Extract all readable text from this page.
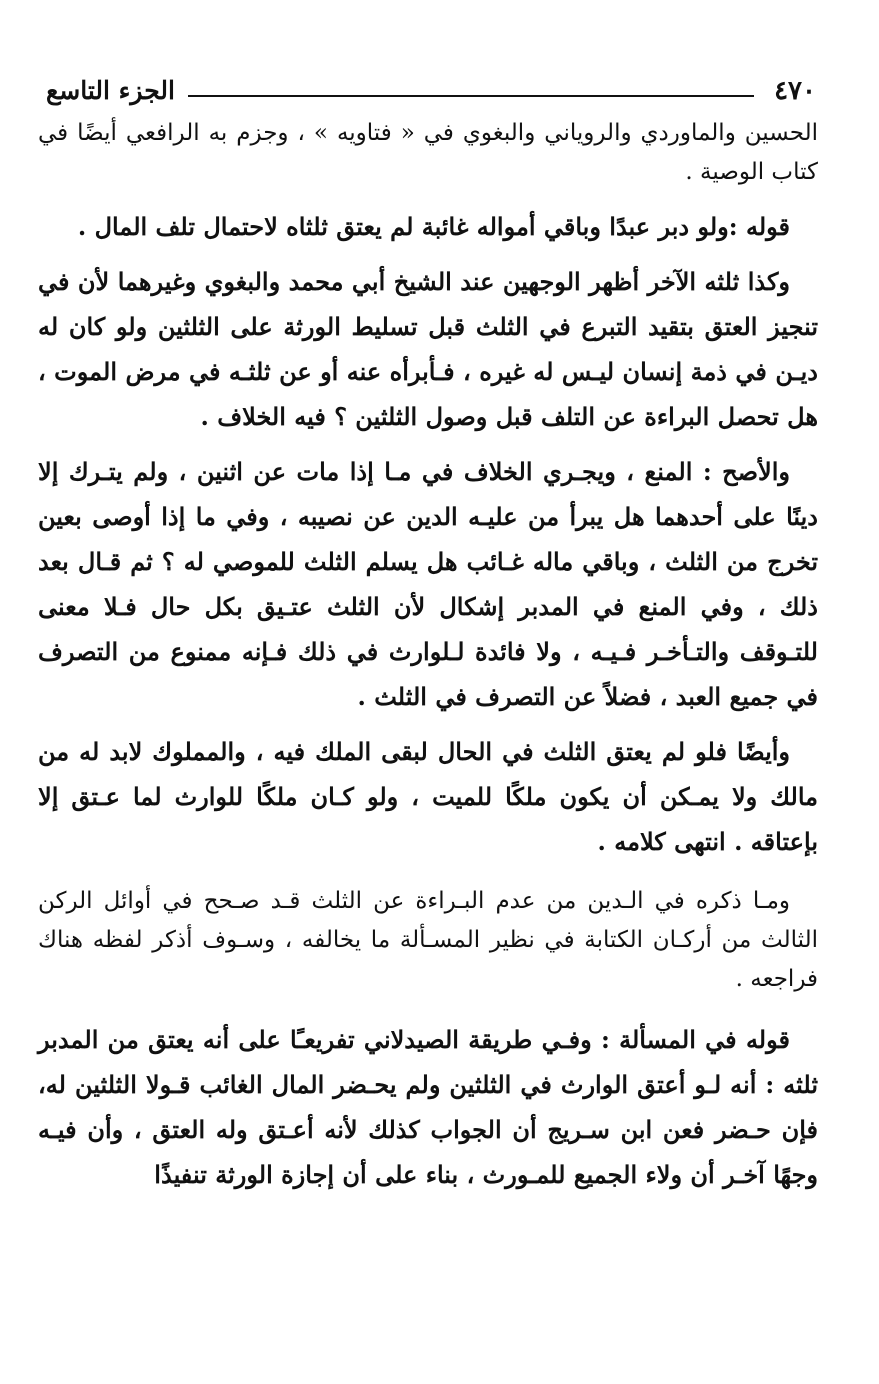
٤٧٠
الجزء التاسع

الحسين والماوردي والروياني والبغوي في « فتاويه » ، وجزم به الرافعي أيضًا في كتاب الوصية .

قوله :ولو دبر عبدًا وباقي أمواله غائبة لم يعتق ثلثاه لاحتمال تلف المال .

وكذا ثلثه الآخر أظهر الوجهين عند الشيخ أبي محمد والبغوي وغيرهما لأن في تنجيز العتق بتقيد التبرع في الثلث قبل تسليط الورثة على الثلثين ولو كان له ديـن في ذمة إنسان ليـس له غيره ، فـأبرأه عنه أو عن ثلثـه في مرض الموت ، هل تحصل البراءة عن التلف قبل وصول الثلثين ؟ فيه الخلاف .

والأصح : المنع ، ويجـري الخلاف في مـا إذا مات عن اثنين ، ولم يتـرك إلا دينًا على أحدهما هل يبرأ من عليـه الدين عن نصيبه ، وفي ما إذا أوصى بعين تخرج من الثلث ، وباقي ماله غـائب هل يسلم الثلث للموصي له ؟ ثم قـال بعد ذلك ، وفي المنع في المدبر إشكال لأن الثلث عتـيق بكل حال فـلا معنى للتـوقف والتـأخـر فـيـه ، ولا فائدة لـلوارث في ذلك فـإنه ممنوع من التصرف في جميع العبد ، فضلاً عن التصرف في الثلث .

وأيضًا فلو لم يعتق الثلث في الحال لبقى الملك فيه ، والمملوك لابد له من مالك ولا يمـكن أن يكون ملكًا للميت ، ولو كـان ملكًا للوارث لما عـتق إلا بإعتاقه . انتهى كلامه .

ومـا ذكره في الـدين من عدم البـراءة عن الثلث قـد صـحح في أوائل الركن الثالث من أركـان الكتابة في نظير المسـألة ما يخالفه ، وسـوف أذكر لفظه هناك فراجعه .

قوله في المسألة : وفـي طريقة الصيدلاني تفريعـًا على أنه يعتق من المدبر ثلثه : أنه لـو أعتق الوارث في الثلثين ولم يحـضر المال الغائب قـولا الثلثين له، فإن حـضر فعن ابن سـريج أن الجواب كذلك لأنه أعـتق وله العتق ، وأن فيـه وجهًا آخـر أن ولاء الجميع للمـورث ، بناء على أن إجازة الورثة تنفيذًا
